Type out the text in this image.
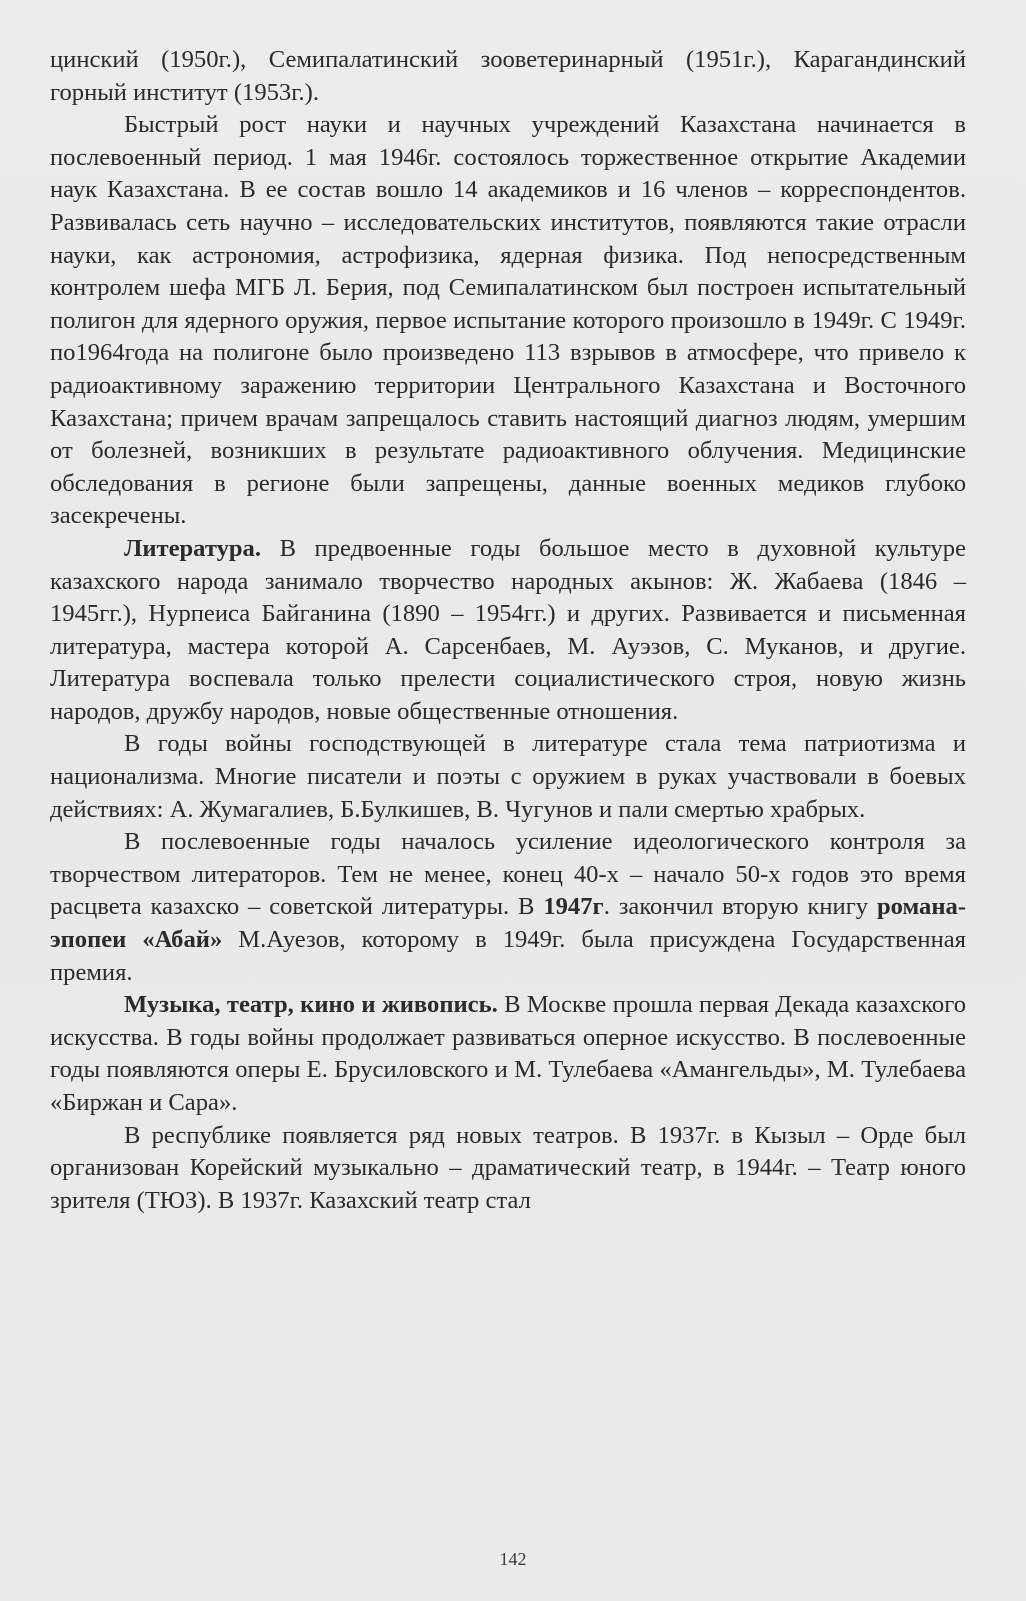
цинский (1950г.), Семипалатинский зооветеринарный (1951г.), Карагандинский горный институт (1953г.).

Быстрый рост науки и научных учреждений Казахстана начинается в послевоенный период. 1 мая 1946г. состоялось торжественное открытие Академии наук Казахстана. В ее состав вошло 14 академиков и 16 членов – корреспондентов. Развивалась сеть научно – исследовательских институтов, появляются такие отрасли науки, как астрономия, астрофизика, ядерная физика. Под непосредственным контролем шефа МГБ Л. Берия, под Семипалатинском был построен испытательный полигон для ядерного оружия, первое испытание которого произошло в 1949г. С 1949г. по1964года на полигоне было произведено 113 взрывов в атмосфере, что привело к радиоактивному заражению территории Центрального Казахстана и Восточного Казахстана; причем врачам запрещалось ставить настоящий диагноз людям, умершим от болезней, возникших в результате радиоактивного облучения. Медицинские обследования в регионе были запрещены, данные военных медиков глубоко засекречены.

Литература. В предвоенные годы большое место в духовной культуре казахского народа занимало творчество народных акынов: Ж. Жабаева (1846 – 1945гг.), Нурпеиса Байганина (1890 – 1954гг.) и других. Развивается и письменная литература, мастера которой А. Сарсенбаев, М. Ауэзов, С. Муканов, и другие. Литература воспевала только прелести социалистического строя, новую жизнь народов, дружбу народов, новые общественные отношения.

В годы войны господствующей в литературе стала тема патриотизма и национализма. Многие писатели и поэты с оружием в руках участвовали в боевых действиях: А. Жумагалиев, Б.Булкишев, В. Чугунов и пали смертью храбрых.

В послевоенные годы началось усиление идеологического контроля за творчеством литераторов. Тем не менее, конец 40-х – начало 50-х годов это время расцвета казахско – советской литературы. В 1947г. закончил вторую книгу романа-эпопеи «Абай» М.Ауезов, которому в 1949г. была присуждена Государственная премия.

Музыка, театр, кино и живопись. В Москве прошла первая Декада казахского искусства. В годы войны продолжает развиваться оперное искусство. В послевоенные годы появляются оперы Е. Брусиловского и М. Тулебаева «Амангельды», М. Тулебаева «Биржан и Сара».

В республике появляется ряд новых театров. В 1937г. в Кызыл – Орде был организован Корейский музыкально – драматический театр, в 1944г. – Театр юного зрителя (ТЮЗ). В 1937г. Казахский театр стал

142
